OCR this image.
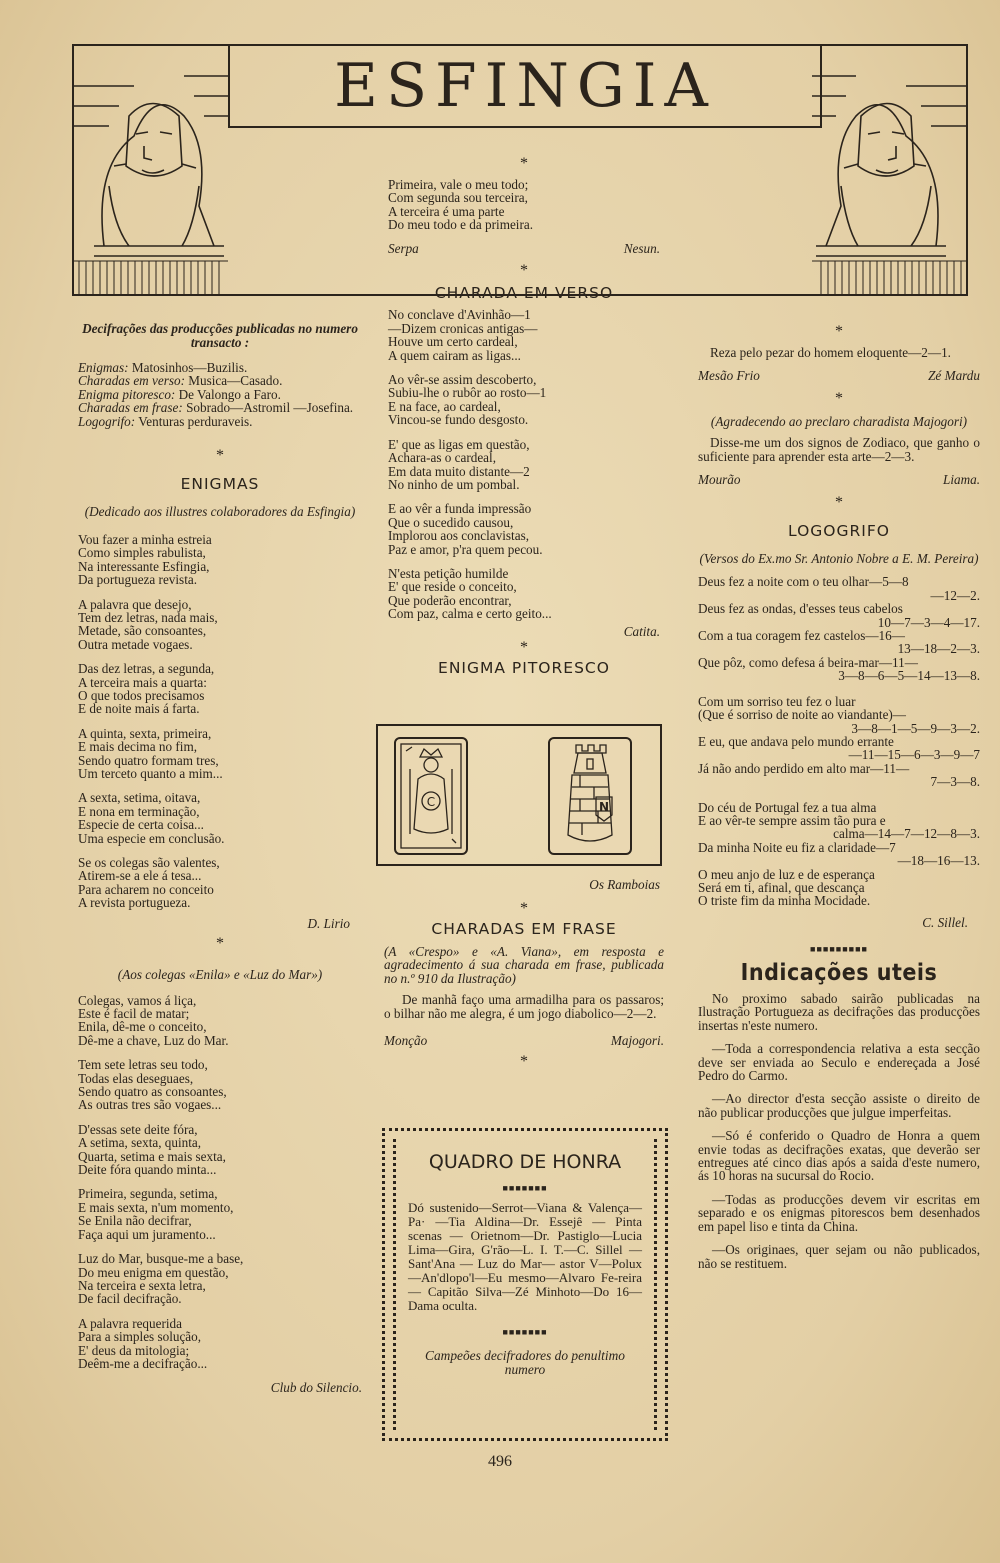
ESFINGIA
Decifrações das producções publicadas no numero transacto :

Enigmas: Matosinhos—Buzilis.

Charadas em verso: Musica—Casado.

Enigma pitoresco: De Valongo a Faro.

Charadas em frase: Sobrado—Astromil —Josefina.

Logogrifo: Venturas perduraveis.

*
ENIGMAS
(Dedicado aos illustres colaboradores da Esfingia)

Vou fazer a minha estreia

Como simples rabulista,

Na interessante Esfingia,

Da portugueza revista.

A palavra que desejo,

Tem dez letras, nada mais,

Metade, são consoantes,

Outra metade vogaes.

Das dez letras, a segunda,

A terceira mais a quarta:

O que todos precisamos

E de noite mais á farta.

A quinta, sexta, primeira,

E mais decima no fim,

Sendo quatro formam tres,

Um terceto quanto a mim...

A sexta, setima, oitava,

E nona em terminação,

Especie de certa coisa...

Uma especie em conclusão.

Se os colegas são valentes,

Atirem-se a ele á tesa...

Para acharem no conceito

A revista portugueza.

D. Lirio
*
(Aos colegas «Enila» e «Luz do Mar»)

Colegas, vamos á liça,

Este é facil de matar;

Enila, dê-me o conceito,

Dê-me a chave, Luz do Mar.

Tem sete letras seu todo,

Todas elas deseguaes,

Sendo quatro as consoantes,

As outras tres são vogaes...

D'essas sete deite fóra,

A setima, sexta, quinta,

Quarta, setima e mais sexta,

Deite fóra quando minta...

Primeira, segunda, setima,

E mais sexta, n'um momento,

Se Enila não decifrar,

Faça aqui um juramento...

Luz do Mar, busque-me a base,

Do meu enigma em questão,

Na terceira e sexta letra,

De facil decifração.

A palavra requerida

Para a simples solução,

E' deus da mitologia;

Deêm-me a decifração...

Club do Silencio.
*

Primeira, vale o meu todo;

Com segunda sou terceira,

A terceira é uma parte

Do meu todo e da primeira.

Serpa	Nesun.
*
CHARADA EM VERSO

No conclave d'Avinhão—1

—Dizem cronicas antigas—

Houve um certo cardeal,

A quem cairam as ligas...

Ao vêr-se assim descoberto,

Subiu-lhe o rubôr ao rosto—1

E na face, ao cardeal,

Vincou-se fundo desgosto.

E' que as ligas em questão,

Achara-as o cardeal,

Em data muito distante—2

No ninho de um pombal.

E ao vêr a funda impressão

Que o sucedido causou,

Implorou aos conclavistas,

Paz e amor, p'ra quem pecou.

N'esta petição humilde

E' que reside o conceito,

Que poderão encontrar,

Com paz, calma e certo geito...

Catita.
*
ENIGMA PITORESCO
C	N
Os Ramboias
*
CHARADAS EM FRASE
(A «Crespo» e «A. Viana», em resposta e agradecimento á sua charada em frase, publicada no n.º 910 da Ilustração)
De manhã faço uma armadilha para os passaros; o bilhar não me alegra, é um jogo diabolico—2—2.
Monção	Majogori.
*
QUADRO DE HONRA
■■■■■■■
Dó sustenido—Serrot—Viana & Valença—Pa· —Tia Aldina—Dr. Essejê — Pinta scenas — Orietnom—Dr. Pastiglo—Lucia Lima—Gira, G'rão—L. I. T.—C. Sillel — Sant'Ana — Luz do Mar— astor V—Polux—An'dlopo'l—Eu mesmo—Alvaro Fe-reira — Capitão Silva—Zé Minhoto—Do 16—Dama oculta.
■■■■■■■
Campeões decifradores do penultimo numero
*
Reza pelo pezar do homem eloquente—2—1.
Mesão Frio	Zé Mardu
*
(Agradecendo ao preclaro charadista Majogori)
Disse-me um dos signos de Zodiaco, que ganho o suficiente para aprender esta arte—2—3.
Mourão	Liama.
*
LOGOGRIFO
(Versos do Ex.mo Sr. Antonio Nobre a E. M. Pereira)

Deus fez a noite com o teu olhar—5—8

—12—2.

Deus fez as ondas, d'esses teus cabelos

10—7—3—4—17.

Com a tua coragem fez castelos—16—

13—18—2—3.

Que pôz, como defesa á beira-mar—11—

3—8—6—5—14—13—8.

Com um sorriso teu fez o luar

(Que é sorriso de noite ao viandante)—

3—8—1—5—9—3—2.

E eu, que andava pelo mundo errante

—11—15—6—3—9—7

Já não ando perdido em alto mar—11—

7—3—8.

Do céu de Portugal fez a tua alma

E ao vêr-te sempre assim tão pura e

calma—14—7—12—8—3.

Da minha Noite eu fiz a claridade—7

—18—16—13.

O meu anjo de luz e de esperança

Será em ti, afinal, que descança

O triste fim da minha Mocidade.

C. Sillel.
■■■■■■■■■
Indicações uteis

No proximo sabado sairão publicadas na Ilustração Portugueza as decifrações das producções insertas n'este numero.

—Toda a correspondencia relativa a esta secção deve ser enviada ao Seculo e endereçada a José Pedro do Carmo.

—Ao director d'esta secção assiste o direito de não publicar producções que julgue imperfeitas.

—Só é conferido o Quadro de Honra a quem envie todas as decifrações exatas, que deverão ser entregues até cinco dias após a saida d'este numero, ás 10 horas na sucursal do Rocio.

—Todas as producções devem vir escritas em separado e os enigmas pitorescos bem desenhados em papel liso e tinta da China.

—Os originaes, quer sejam ou não publicados, não se restituem.

496
